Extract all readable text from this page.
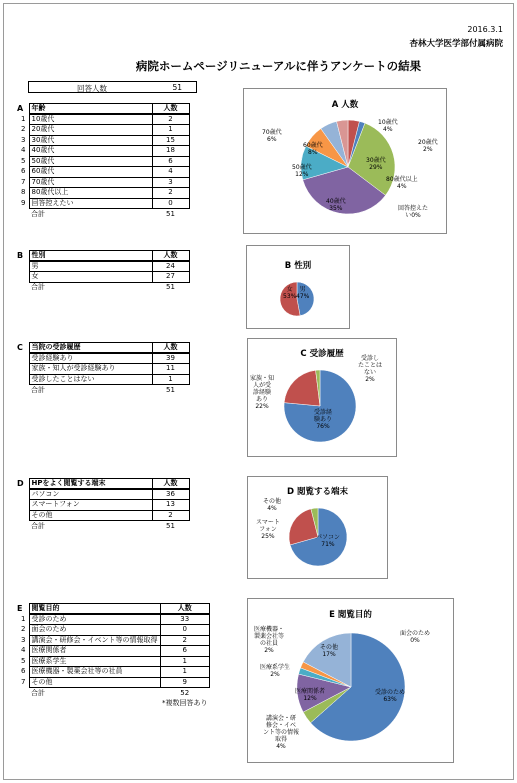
2016.3.1
杏林大学医学部付属病院
病院ホームページリニューアルに伴うアンケートの結果
回答人数	51
A
	年齢	人数
1	10歳代	2
2	20歳代	1
3	30歳代	15
4	40歳代	18
5	50歳代	6
6	60歳代	4
7	70歳代	3
8	80歳代以上	2
9	回答控えたい	0
	合計	51
B
	性別	人数
	男	24
	女	27
	合計	51
C
	当院の受診履歴	人数
	受診経験あり	39
	家族・知人が受診経験あり	11
	受診したことはない	1
	合計	51
D
	HPをよく閲覧する端末	人数
	パソコン	36
	スマートフォン	13
	その他	2
	合計	51
E
	閲覧目的	人数
1	受診のため	33
2	面会のため	0
3	講演会・研修会・イベント等の情報取得	2
4	医療関係者	6
5	医療系学生	1
6	医療機器・製薬会社等の社員	1
7	その他	9
	合計	52
		*複数回答あり
A 人数
B 性別
C 受診履歴
D 閲覧する端末
E 閲覧目的
10歳代
4%
20歳代
2%
30歳代
29%
40歳代
35%
50歳代
12%
60歳代
8%
70歳代
6%
80歳代以上
4%
回答控えた
い0%
男
47%
女
53%
受診経
験あり
76%
家族・知
人が受
診経験
あり
22%
受診し
たことは
ない
2%
パソコン
71%
スマート
フォン
25%
その他
4%
受診のため
63%
面会のため
0%
講演会・研
修会・イベ
ント等の情報
取得
4%
医療関係者
12%
医療系学生
2%
医療機器・
製薬会社等
の社員
2%	その他
17%
